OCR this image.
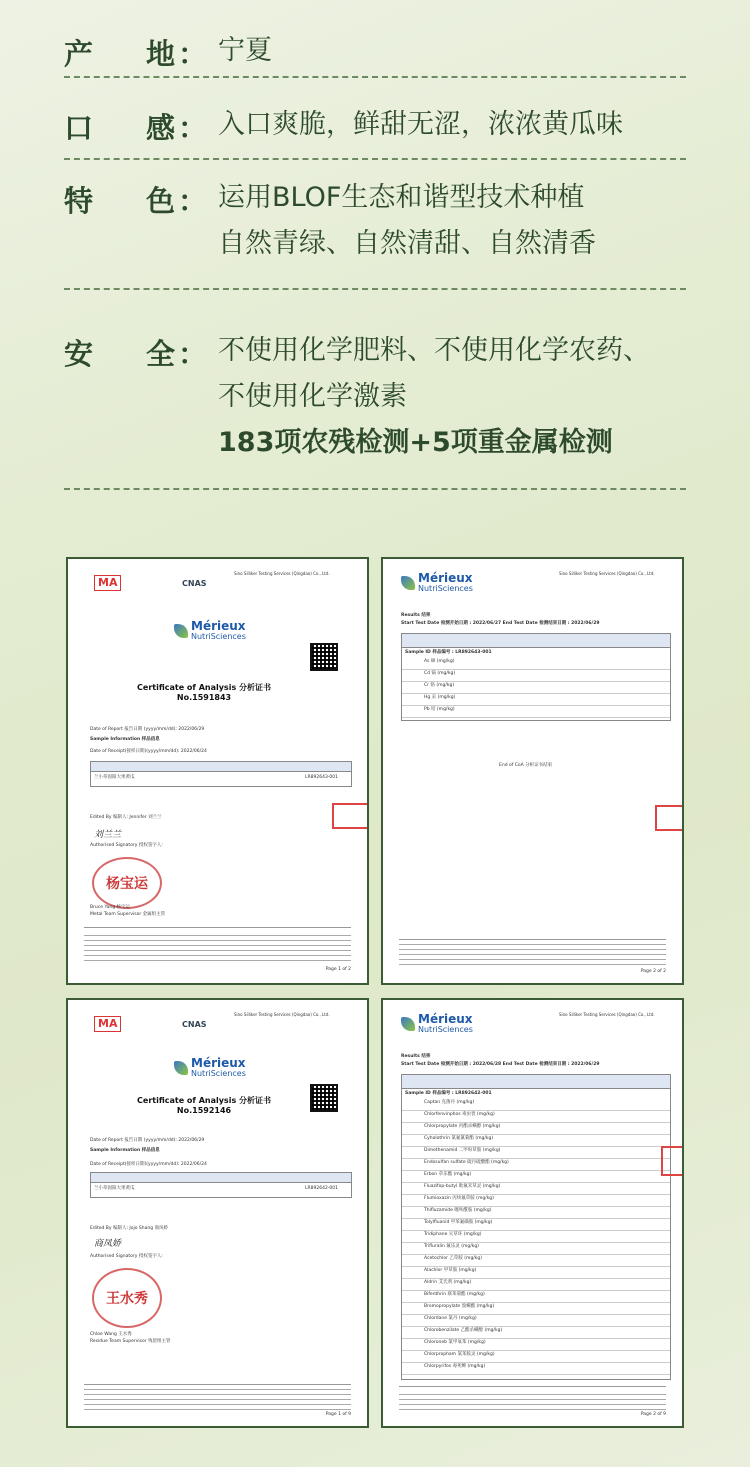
产 地 ： 宁夏
口 感 ： 入口爽脆，鲜甜无涩，浓浓黄瓜味
特 色 ： 运用BLOF生态和谐型技术种植
自然青绿、自然清甜、自然清香
安 全 ： 不使用化学肥料、不使用化学农药、
不使用化学激素
183项农残检测+5项重金属检测
MA	CNAS
Sino Silliker Testing Services (Qingdao) Co., Ltd.
Mérieux
NutriSciences
Certificate of Analysis 分析证书
No.1591843
Date of Report 报告日期 (yyyy/mm/dd): 2022/06/29
Sample Information 样品信息
Date of Receipt(接样日期)(yyyy/mm/dd): 2022/06/24
兰小草固阳大果黄瓜	LR892643-001
Edited By 编制人: Jennifer 刘兰兰
刘兰兰
Authorised Signatory 授权签字人:
杨宝运
Bruce Yang 杨宝运
Metal Team Supervisor 金属组主管
Page 1 of 2
Mérieux
NutriSciences
Sino Silliker Testing Services (Qingdao) Co., Ltd.
Results 结果
Start Test Date 检测开始日期 : 2022/06/27 End Test Date 检测结束日期 : 2022/06/29
Sample ID 样品编号 : LR892643-001
As 砷 (mg/kg)
Cd 镉 (mg/kg)
Cr 铬 (mg/kg)
Hg 汞 (mg/kg)
Pb 铅 (mg/kg)
End of CoA 分析证书结束
Page 2 of 2
MA	CNAS
Sino Silliker Testing Services (Qingdao) Co., Ltd.
Mérieux
NutriSciences
Certificate of Analysis 分析证书
No.1592146
Date of Report 报告日期 (yyyy/mm/dd): 2022/06/29
Sample Information 样品信息
Date of Receipt(接样日期)(yyyy/mm/dd): 2022/06/24
兰小草固阳大果黄瓜	LR892642-001
Edited By 编制人: Jojo Shang 商凤娇
商凤娇
Authorised Signatory 授权签字人:
王水秀
Chloe Wang 王水秀
Residue Team Supervisor 残留组主管
Page 1 of 9
Mérieux
NutriSciences
Sino Silliker Testing Services (Qingdao) Co., Ltd.
Results 结果
Start Test Date 检测开始日期 : 2022/06/28 End Test Date 检测结束日期 : 2022/06/29
Sample ID 样品编号 : LR892642-001
Captan 克菌丹 (mg/kg)
Chlorfenvinphos 毒虫畏 (mg/kg)
Chlorpropylate 丙酯杀螨醇 (mg/kg)
Cyhalothrin 氯氟氰菊酯 (mg/kg)
Dimethenamid 二甲吩草胺 (mg/kg)
Endosulfan sulfate 硫丹硫酸酯 (mg/kg)
Erbon 草乐酯 (mg/kg)
Fluazifop-butyl 吡氟禾草灵 (mg/kg)
Flumioxazin 丙炔氟草胺 (mg/kg)
Thifluzamide 噻呋酰胺 (mg/kg)
Tolylfluanid 甲苯氟磺胺 (mg/kg)
Tridiphane 灭草环 (mg/kg)
Trifluralin 氟乐灵 (mg/kg)
Acetochlor 乙草胺 (mg/kg)
Alachlor 甲草胺 (mg/kg)
Aldrin 艾氏剂 (mg/kg)
Bifenthrin 联苯菊酯 (mg/kg)
Bromopropylate 溴螨酯 (mg/kg)
Chlordane 氯丹 (mg/kg)
Chlorobenzilate 乙酯杀螨醇 (mg/kg)
Chloroneb 氯甲氧苯 (mg/kg)
Chlorpropham 氯苯胺灵 (mg/kg)
Chlorpyrifos 毒死蜱 (mg/kg)
Page 2 of 9
